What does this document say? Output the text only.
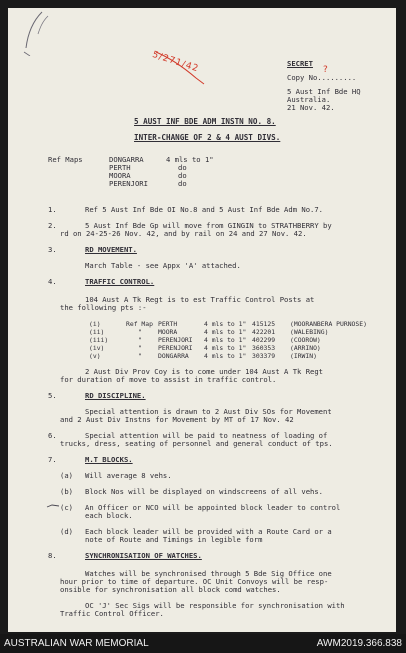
5/271/42	SECRET
?
Copy No.........
5 Aust Inf Bde HQ
Australia.
21 Nov. 42.
5 AUST INF BDE ADM INSTN NO. 8.
INTER-CHANGE OF 2 & 4 AUST DIVS.
Ref Maps	DONGARRA	4 mls to 1"
PERTH	do
MOORA	do
PERENJORI	do
1.	Ref 5 Aust Inf Bde OI No.8 and 5 Aust Inf Bde Adm No.7.
2.	5 Aust Inf Bde Gp will move from GINGIN to STRATHBERRY by
rd on 24-25-26 Nov. 42, and by rail on 24 and 27 Nov. 42.
3.	RD MOVEMENT.
March Table - see Appx 'A' attached.
4.	TRAFFIC CONTROL.
104 Aust A Tk Regt is to est Traffic Control Posts at
the following pts :-
(i)	Ref Map PERTH	4 mls to 1" 415125 (MOORANBERA PURNOSE)
(ii)	"	MOORA	4 mls to 1" 422201 (WALEBING)
(iii)	"	PERENJORI 4 mls to 1" 402299 (COOROW)
(iv)	"	PERENJORI 4 mls to 1" 360353 (ARRINO)
(v)	"	DONGARRA 4 mls to 1" 303379 (IRWIN)
2 Aust Div Prov Coy is to come under 104 Aust A Tk Regt
for duration of move to assist in traffic control.
5.	RD DISCIPLINE.
Special attention is drawn to 2 Aust Div SOs for Movement
and 2 Aust Div Instns for Movement by MT of 17 Nov. 42
6.	Special attention will be paid to neatness of loading of
trucks, dress, seating of personnel and general conduct of tps.
7.	M.T BLOCKS.
(a) Will average 8 vehs.
(b) Block Nos will be displayed on windscreens of all vehs.
(c) An Officer or NCO will be appointed block leader to control
each block.
(d) Each block leader will be provided with a Route Card or a
note of Route and Timings in legible form
8.	SYNCHRONISATION OF WATCHES.
Watches will be synchronised through 5 Bde Sig Office one
hour prior to time of departure. OC Unit Convoys will be resp-
onsible for synchronisation all block comd watches.
OC 'J' Sec Sigs will be responsible for synchronisation with
Traffic Control Officer.
AUSTRALIAN WAR MEMORIAL	AWM2019.366.838
